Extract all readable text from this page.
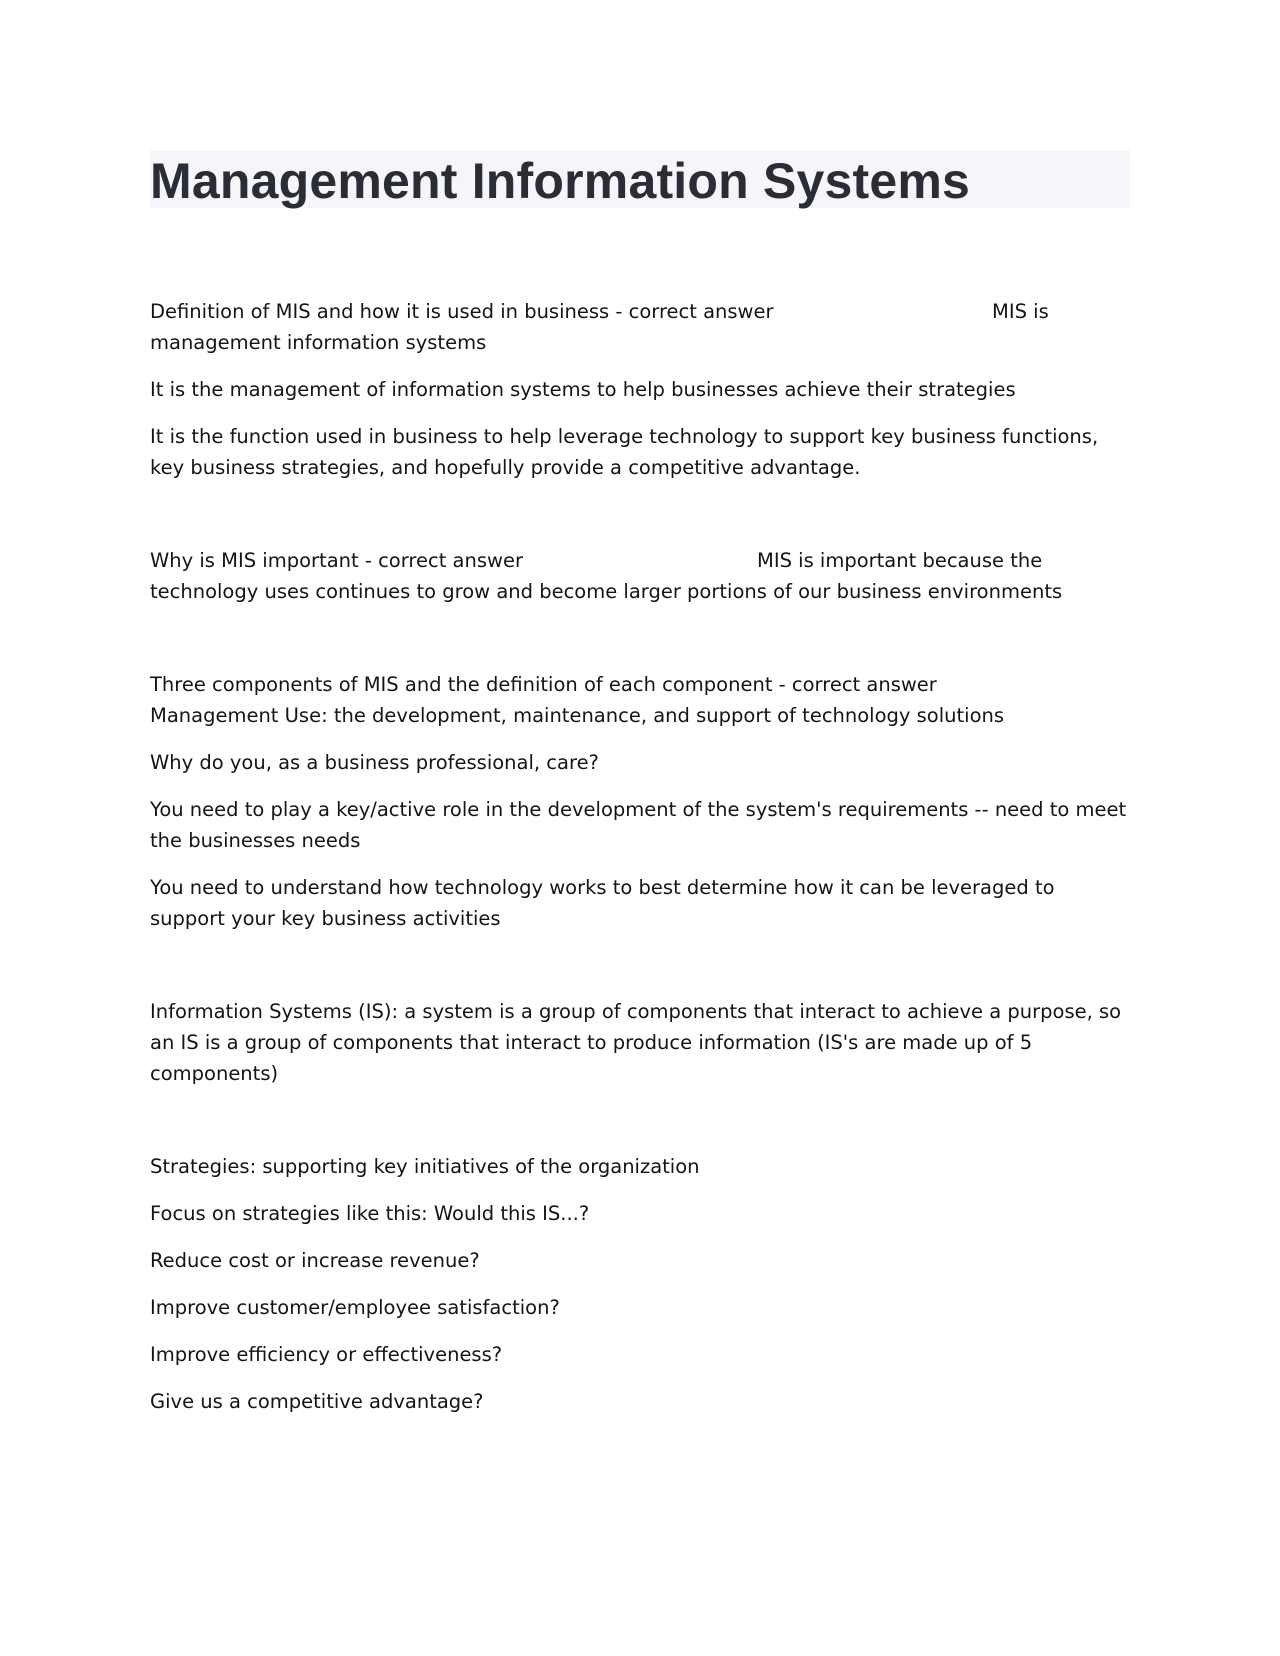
Management Information Systems
Definition of MIS and how it is used in business - correct answer	MIS is

management information systems

It is the management of information systems to help businesses achieve their strategies

It is the function used in business to help leverage technology to support key business functions, key business strategies, and hopefully provide a competitive advantage.

Why is MIS important - correct answer	MIS is important because the

technology uses continues to grow and become larger portions of our business environments

Three components of MIS and the definition of each component - correct answer

Management Use: the development, maintenance, and support of technology solutions

Why do you, as a business professional, care?

You need to play a key/active role in the development of the system's requirements -- need to meet the businesses needs

You need to understand how technology works to best determine how it can be leveraged to support your key business activities

Information Systems (IS): a system is a group of components that interact to achieve a purpose, so an IS is a group of components that interact to produce information (IS's are made up of 5 components)

Strategies: supporting key initiatives of the organization

Focus on strategies like this: Would this IS...?

Reduce cost or increase revenue?

Improve customer/employee satisfaction?

Improve efficiency or effectiveness?

Give us a competitive advantage?
